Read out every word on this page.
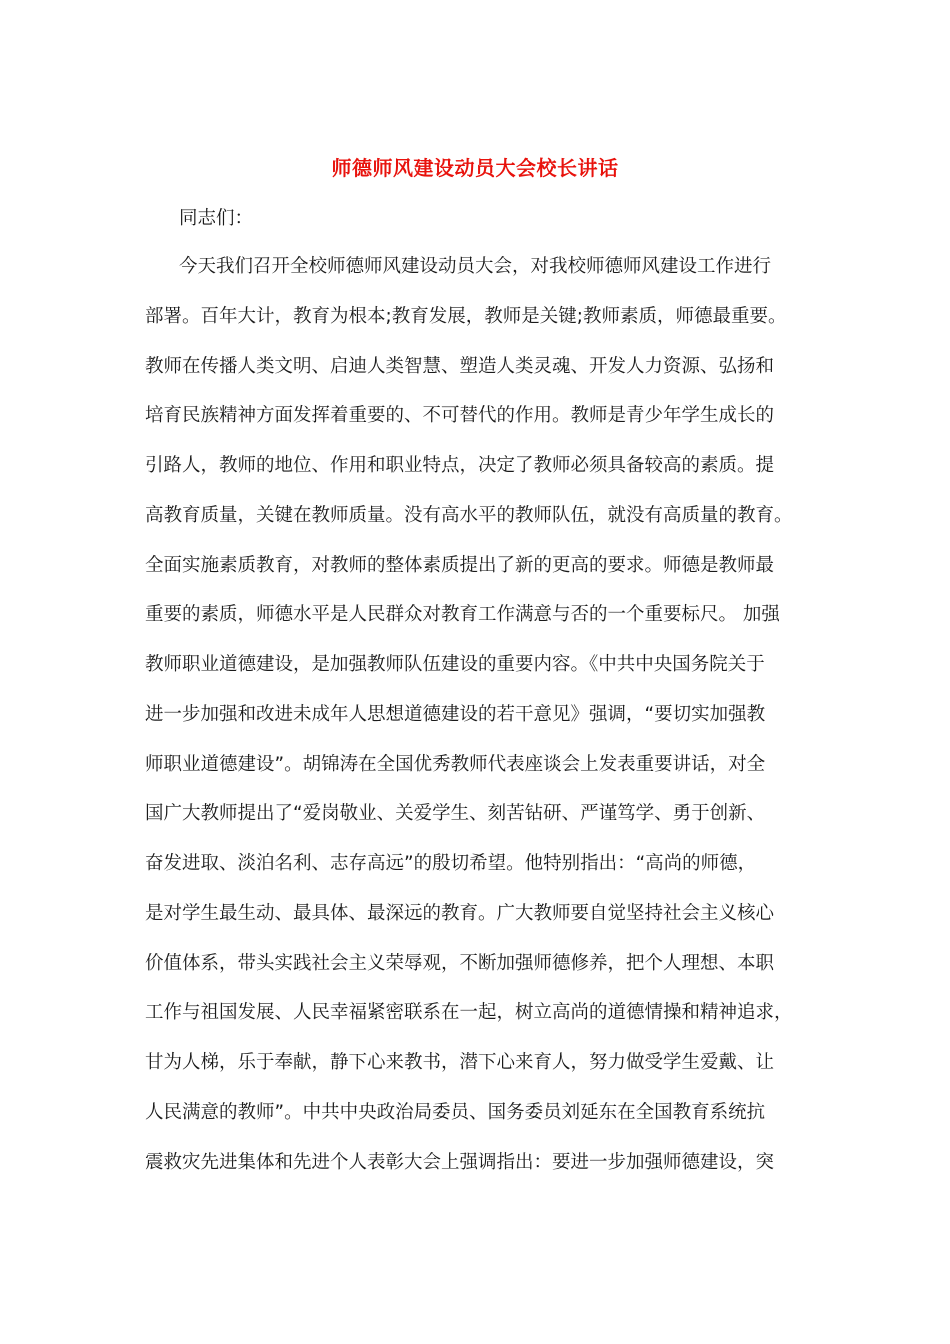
师德师风建设动员大会校长讲话
同志们：
今天我们召开全校师德师风建设动员大会，对我校师德师风建设工作进行
部署。百年大计，教育为根本;教育发展，教师是关键;教师素质，师德最重要。
教师在传播人类文明、启迪人类智慧、塑造人类灵魂、开发人力资源、弘扬和
培育民族精神方面发挥着重要的、不可替代的作用。教师是青少年学生成长的
引路人，教师的地位、作用和职业特点，决定了教师必须具备较高的素质。提
高教育质量，关键在教师质量。没有高水平的教师队伍，就没有高质量的教育。
全面实施素质教育，对教师的整体素质提出了新的更高的要求。师德是教师最
重要的素质，师德水平是人民群众对教育工作满意与否的一个重要标尺。 加强
教师职业道德建设，是加强教师队伍建设的重要内容。《中共中央国务院关于
进一步加强和改进未成年人思想道德建设的若干意见》强调，“要切实加强教
师职业道德建设”。胡锦涛在全国优秀教师代表座谈会上发表重要讲话，对全
国广大教师提出了“爱岗敬业、关爱学生、刻苦钻研、严谨笃学、勇于创新、
奋发进取、淡泊名利、志存高远”的殷切希望。他特别指出：“高尚的师德，
是对学生最生动、最具体、最深远的教育。广大教师要自觉坚持社会主义核心
价值体系，带头实践社会主义荣辱观，不断加强师德修养，把个人理想、本职
工作与祖国发展、人民幸福紧密联系在一起，树立高尚的道德情操和精神追求，
甘为人梯，乐于奉献，静下心来教书，潜下心来育人，努力做受学生爱戴、让
人民满意的教师”。中共中央政治局委员、国务委员刘延东在全国教育系统抗
震救灾先进集体和先进个人表彰大会上强调指出：要进一步加强师德建设，突
